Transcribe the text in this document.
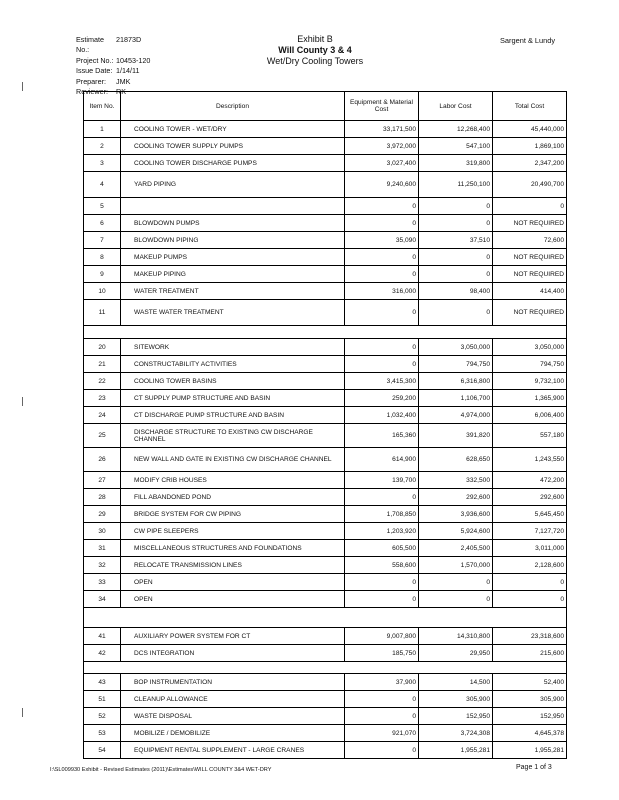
Estimate No.:
21873D
Project No.: 10453-120
Issue Date: 1/14/11
Preparer:	JMK
Reviewer:	RK
Exhibit B
Will County 3 & 4
Wet/Dry Cooling Towers
Sargent & Lundy
Item No.	Description	Equipment & Material Cost	Labor Cost	Total Cost
1	COOLING TOWER - WET/DRY	33,171,500	12,268,400	45,440,000
2	COOLING TOWER SUPPLY PUMPS	3,972,000	547,100	1,869,100
3	COOLING TOWER DISCHARGE PUMPS	3,027,400	319,800	2,347,200
4	YARD PIPING	9,240,600	11,250,100	20,490,700
5		0	0	0
6	BLOWDOWN PUMPS	0	0	NOT REQUIRED
7	BLOWDOWN PIPING	35,090	37,510	72,600
8	MAKEUP PUMPS	0	0	NOT REQUIRED
9	MAKEUP PIPING	0	0	NOT REQUIRED
10	WATER TREATMENT	316,000	98,400	414,400
11	WASTE WATER TREATMENT	0	0	NOT REQUIRED

20	SITEWORK	0	3,050,000	3,050,000
21	CONSTRUCTABILITY ACTIVITIES	0	794,750	794,750
22	COOLING TOWER BASINS	3,415,300	6,316,800	9,732,100
23	CT SUPPLY PUMP STRUCTURE AND BASIN	259,200	1,106,700	1,365,900
24	CT DISCHARGE PUMP STRUCTURE AND BASIN	1,032,400	4,974,000	6,006,400
25	DISCHARGE STRUCTURE TO EXISTING CW DISCHARGE CHANNEL	165,360	391,820	557,180
26	NEW WALL AND GATE IN EXISTING CW DISCHARGE CHANNEL	614,900	628,650	1,243,550
27	MODIFY CRIB HOUSES	139,700	332,500	472,200
28	FILL ABANDONED POND	0	292,600	292,600
29	BRIDGE SYSTEM FOR CW PIPING	1,708,850	3,936,600	5,645,450
30	CW PIPE SLEEPERS	1,203,920	5,924,600	7,127,720
31	MISCELLANEOUS STRUCTURES AND FOUNDATIONS	605,500	2,405,500	3,011,000
32	RELOCATE TRANSMISSION LINES	558,600	1,570,000	2,128,600
33	OPEN	0	0	0
34	OPEN	0	0	0

41	AUXILIARY POWER SYSTEM FOR CT	9,007,800	14,310,800	23,318,600
42	DCS INTEGRATION	185,750	29,950	215,600

43	BOP INSTRUMENTATION	37,900	14,500	52,400
51	CLEANUP ALLOWANCE	0	305,900	305,900
52	WASTE DISPOSAL	0	152,950	152,950
53	MOBILIZE / DEMOBILIZE	921,070	3,724,308	4,645,378
54	EQUIPMENT RENTAL SUPPLEMENT - LARGE CRANES	0	1,955,281	1,955,281
I:\SL009930 Exhibit - Revised Estimates (2011)\Estimates\WILL COUNTY 3&4 WET-DRY	Page 1 of 3
